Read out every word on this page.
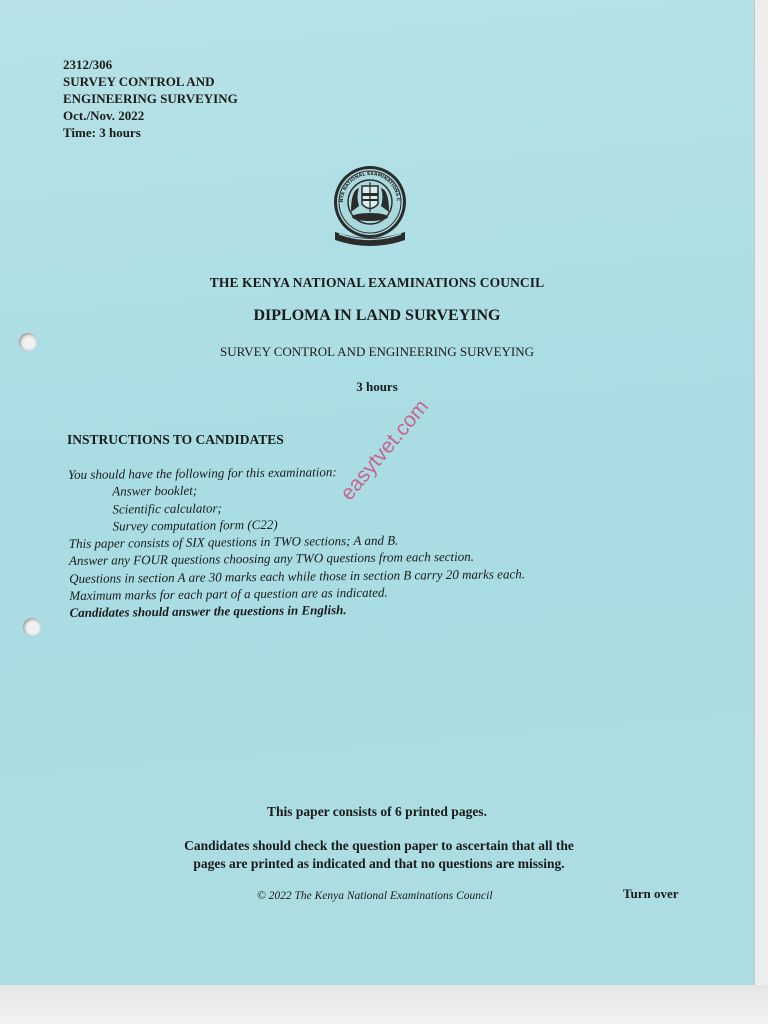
2312/306
SURVEY CONTROL AND
ENGINEERING SURVEYING
Oct./Nov. 2022
Time: 3 hours
NYA NATIONAL EXAMINATIONS C
THE KENYA NATIONAL EXAMINATIONS COUNCIL
DIPLOMA IN LAND SURVEYING
SURVEY CONTROL AND ENGINEERING SURVEYING
3 hours
INSTRUCTIONS TO CANDIDATES
You should have the following for this examination:
Answer booklet;
Scientific calculator;
Survey computation form (C22)
This paper consists of SIX questions in TWO sections; A and B.
Answer any FOUR questions choosing any TWO questions from each section.
Questions in section A are 30 marks each while those in section B carry 20 marks each.
Maximum marks for each part of a question are as indicated.
Candidates should answer the questions in English.
easytvet.com
This paper consists of 6 printed pages.
Candidates should check the question paper to ascertain that all the
pages are printed as indicated and that no questions are missing.
© 2022 The Kenya National Examinations Council	Turn over
